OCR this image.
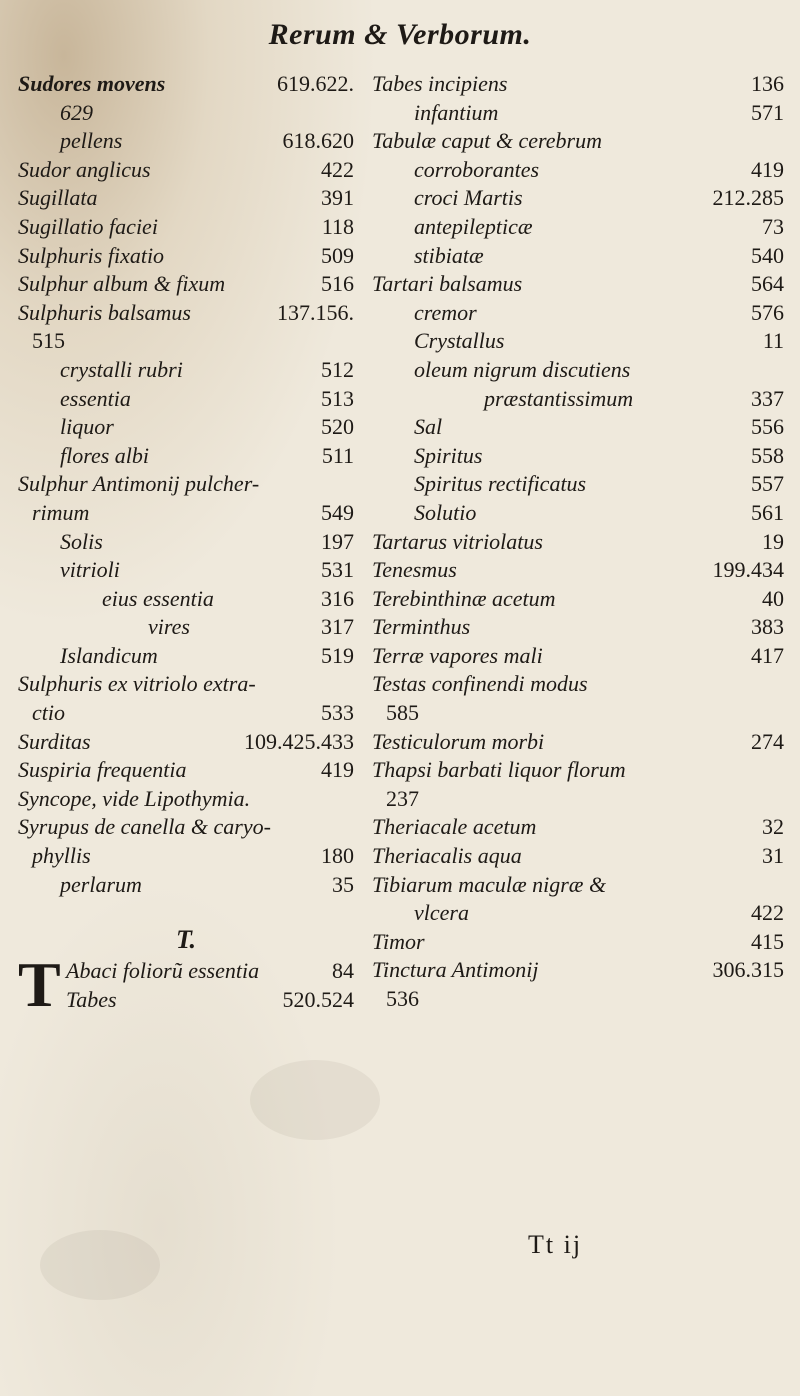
Rerum & Verborum.
Sudores movens	619.622.
629
pellens	618.620
Sudor anglicus	422
Sugillata	391
Sugillatio faciei	118
Sulphuris fixatio	509
Sulphur album & fixum	516
Sulphuris balsamus	137.156.
515
crystalli rubri	512
essentia	513
liquor	520
flores albi	511
Sulphur Antimonij pulcher-
rimum	549
Solis	197
vitrioli	531
eius essentia	316
vires	317
Islandicum	519
Sulphuris ex vitriolo extra-
ctio	533
Surditas	109.425.433
Suspiria frequentia	419
Syncope, vide Lipothymia.
Syrupus de canella & caryo-
phyllis	180
perlarum	35
T.
T Abaci foliorũ essentia	84
Tabes	520.524
Tabes incipiens	136
infantium	571
Tabulæ caput & cerebrum
corroborantes	419
croci Martis	212.285
antepilepticæ	73
stibiatæ	540
Tartari balsamus	564
cremor	576
Crystallus	11
oleum nigrum discutiens
præstantissimum	337
Sal	556
Spiritus	558
Spiritus rectificatus	557
Solutio	561
Tartarus vitriolatus	19
Tenesmus	199.434
Terebinthinæ acetum	40
Terminthus	383
Terræ vapores mali	417
Testas confinendi modus
585
Testiculorum morbi	274
Thapsi barbati liquor florum
237
Theriacale acetum	32
Theriacalis aqua	31
Tibiarum maculæ nigræ &
vlcera	422
Timor	415
Tinctura Antimonij	306.315
536
Tt ij
